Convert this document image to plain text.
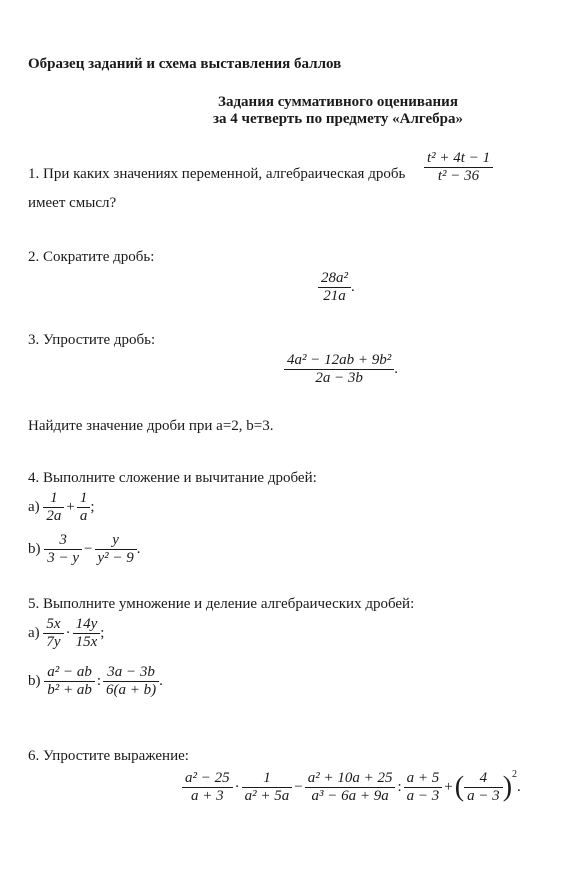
Образец заданий и схема выставления баллов
Задания суммативного оценивания
за 4 четверть по предмету «Алгебра»
1. При каких значениях переменной, алгебраическая дробь $\frac{\text{t² + 4t − 1}}{\text{t² − 36}}$
имеет смысл?
2. Сократите дробь:
$\frac{\text{28a²}}{21a}$ .
3. Упростите дробь:
$\frac{\text{4a² − 12ab + 9b²}}{2a - 3b}$ .
Найдите значение дроби при a=2, b=3.
4. Выполните сложение и вычитание дробей:
$а) \frac{1}{2a} + \frac{1}{a}$ ;
$b) \frac{3}{3 - y} - \frac{y}{\text{y² − 9}}$ .
5. Выполните умножение и деление алгебраических дробей:
$а) \frac{5x}{7y} \cdot \frac{14y}{15x}$ ;
$b) \frac{\text{a² − ab}}{\text{b² + ab}}$ : $\frac{3a - 3b}{6(a + b)}$ .
6. Упростите выражение:
$\frac{\text{a² − 25}}{a + 3} \cdot \frac{1}{\text{a² + 5a}} - \frac{\text{a² + 10a + 25}}{\text{a³ − 6a + 9a}}$ : $\frac{a + 5}{a - 3}$ +( $\frac{4}{a - 3} )^2$.
